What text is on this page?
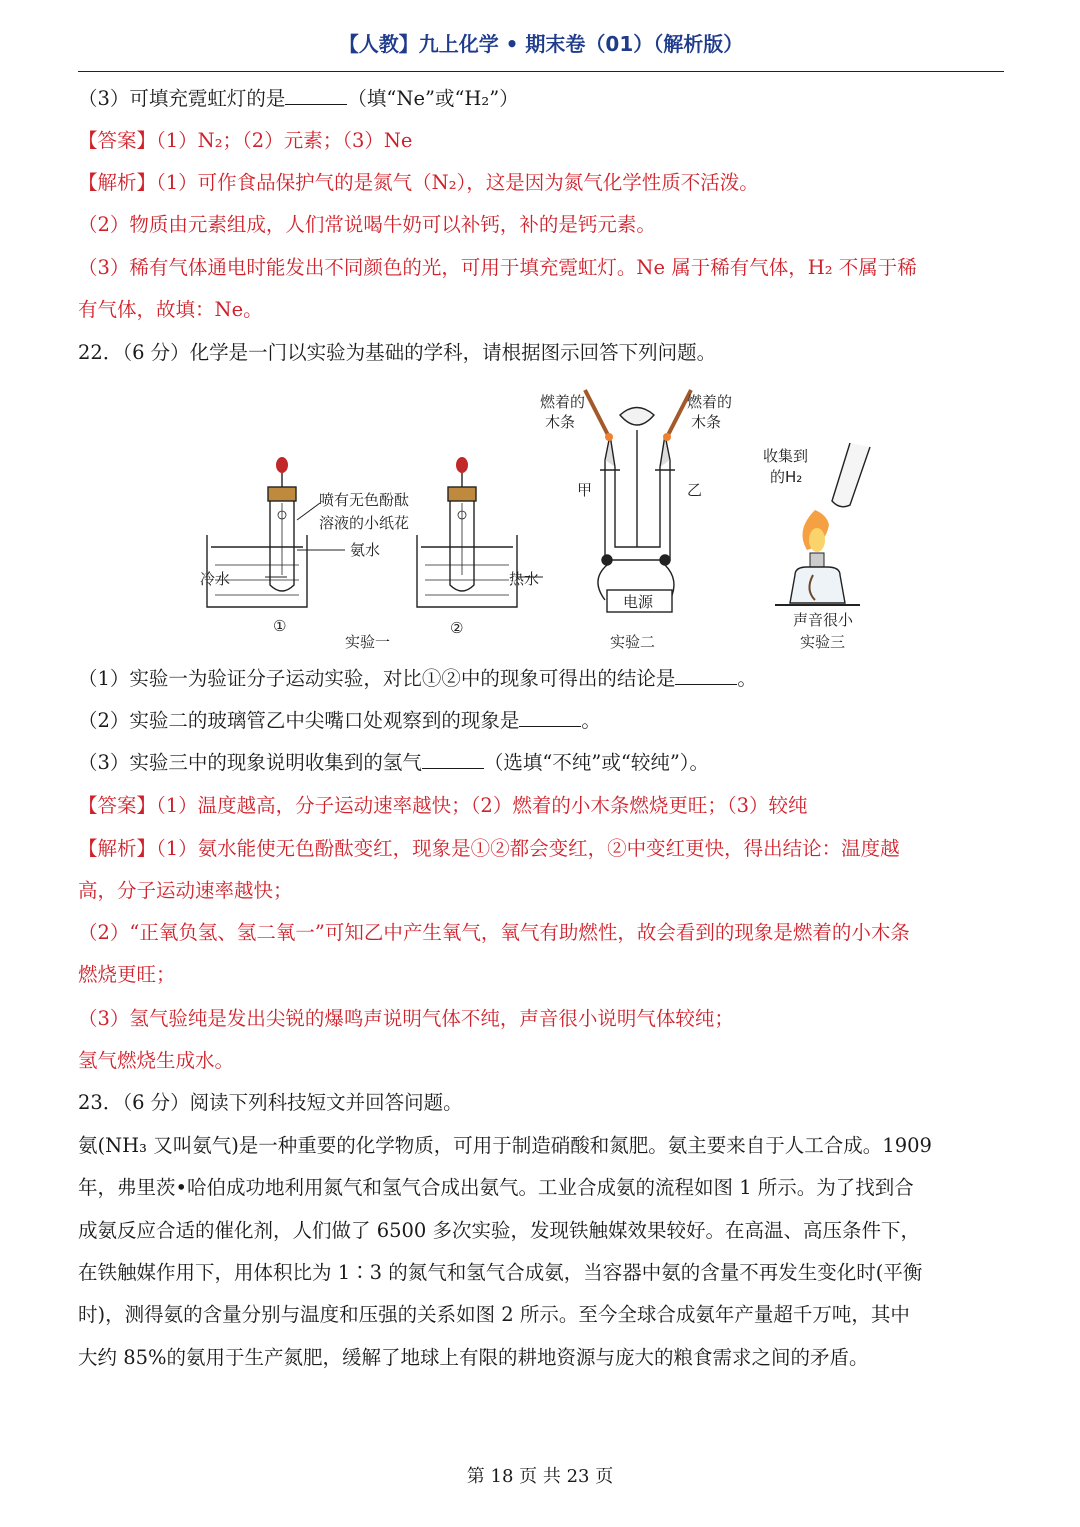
【人教】九上化学 • 期末卷（01）（解析版）
（3）可填充霓虹灯的是	（填“Ne”或“H₂”）
【答案】（1）N₂；（2）元素；（3）Ne
【解析】（1）可作食品保护气的是氮气（N₂），这是因为氮气化学性质不活泼。
（2）物质由元素组成，人们常说喝牛奶可以补钙，补的是钙元素。
（3）稀有气体通电时能发出不同颜色的光，可用于填充霓虹灯。Ne 属于稀有气体，H₂ 不属于稀
有气体，故填：Ne。
22．（6 分）化学是一门以实验为基础的学科，请根据图示回答下列问题。
喷有无色酚酞
溶液的小纸花
氨水
冷水	热水
①	②
实验一
燃着的
木条
燃着的
木条
甲	乙
电源
实验二
收集到
的H₂
声音很小
实验三
（1）实验一为验证分子运动实验，对比①②中的现象可得出的结论是	。
（2）实验二的玻璃管乙中尖嘴口处观察到的现象是	。
（3）实验三中的现象说明收集到的氢气	（选填“不纯”或“较纯”）。
【答案】（1）温度越高，分子运动速率越快；（2）燃着的小木条燃烧更旺；（3）较纯
【解析】（1）氨水能使无色酚酞变红，现象是①②都会变红，②中变红更快，得出结论：温度越
高，分子运动速率越快；
（2）“正氧负氢、氢二氧一”可知乙中产生氧气，氧气有助燃性，故会看到的现象是燃着的小木条
燃烧更旺；
（3）氢气验纯是发出尖锐的爆鸣声说明气体不纯，声音很小说明气体较纯；
氢气燃烧生成水。
23．（6 分）阅读下列科技短文并回答问题。
氨(NH₃ 又叫氨气)是一种重要的化学物质，可用于制造硝酸和氮肥。氨主要来自于人工合成。1909
年，弗里茨•哈伯成功地利用氮气和氢气合成出氨气。工业合成氨的流程如图 1 所示。为了找到合
成氨反应合适的催化剂，人们做了 6500 多次实验，发现铁触媒效果较好。在高温、高压条件下，
在铁触媒作用下，用体积比为 1∶3 的氮气和氢气合成氨，当容器中氨的含量不再发生变化时(平衡
时)，测得氨的含量分别与温度和压强的关系如图 2 所示。至今全球合成氨年产量超千万吨，其中
大约 85%的氨用于生产氮肥，缓解了地球上有限的耕地资源与庞大的粮食需求之间的矛盾。
第 18 页 共 23 页
